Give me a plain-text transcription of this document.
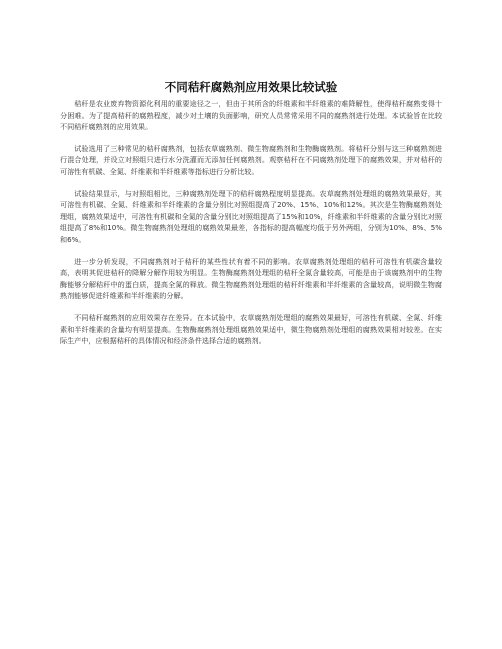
不同秸秆腐熟剂应用效果比较试验

秸秆是农业废弃物资源化利用的重要途径之一，但由于其所含的纤维素和半纤维素的难降解性，使得秸秆腐熟变得十分困难。为了提高秸秆的腐熟程度，减少对土壤的负面影响，研究人员常常采用不同的腐熟剂进行处理。本试验旨在比较不同秸秆腐熟剂的应用效果。

试验选用了三种常见的秸秆腐熟剂，包括农草腐熟剂、微生物腐熟剂和生物酶腐熟剂。将秸秆分别与这三种腐熟剂进行混合处理，并设立对照组只进行水分洗灌而无添加任何腐熟剂。观察秸秆在不同腐熟剂处理下的腐熟效果，并对秸秆的可溶性有机碳、全氮、纤维素和半纤维素等指标进行分析比较。

试验结果显示，与对照组相比，三种腐熟剂处理下的秸秆腐熟程度明显提高。农草腐熟剂处理组的腐熟效果最好，其可溶性有机碳、全氮、纤维素和半纤维素的含量分别比对照组提高了20%、15%、10%和12%。其次是生物酶腐熟剂处理组，腐熟效果适中，可溶性有机碳和全氮的含量分别比对照组提高了15%和10%，纤维素和半纤维素的含量分别比对照组提高了8%和10%。微生物腐熟剂处理组的腐熟效果最差，各指标的提高幅度均低于另外两组，分别为10%、8%、5%和6%。

进一步分析发现，不同腐熟剂对于秸秆的某些性状有着不同的影响。农草腐熟剂处理组的秸秆可溶性有机碳含量较高，表明其促进秸秆的降解分解作用较为明显。生物酶腐熟剂处理组的秸秆全氮含量较高，可能是由于该腐熟剂中的生物酶能够分解秸秆中的蛋白质，提高全氮的释放。微生物腐熟剂处理组的秸秆纤维素和半纤维素的含量较高，说明微生物腐熟剂能够促进纤维素和半纤维素的分解。

不同秸秆腐熟剂的应用效果存在差异。在本试验中，农草腐熟剂处理组的腐熟效果最好，可溶性有机碳、全氮、纤维素和半纤维素的含量均有明显提高。生物酶腐熟剂处理组腐熟效果适中，微生物腐熟剂处理组的腐熟效果相对较差。在实际生产中，应根据秸秆的具体情况和经济条件选择合适的腐熟剂。
